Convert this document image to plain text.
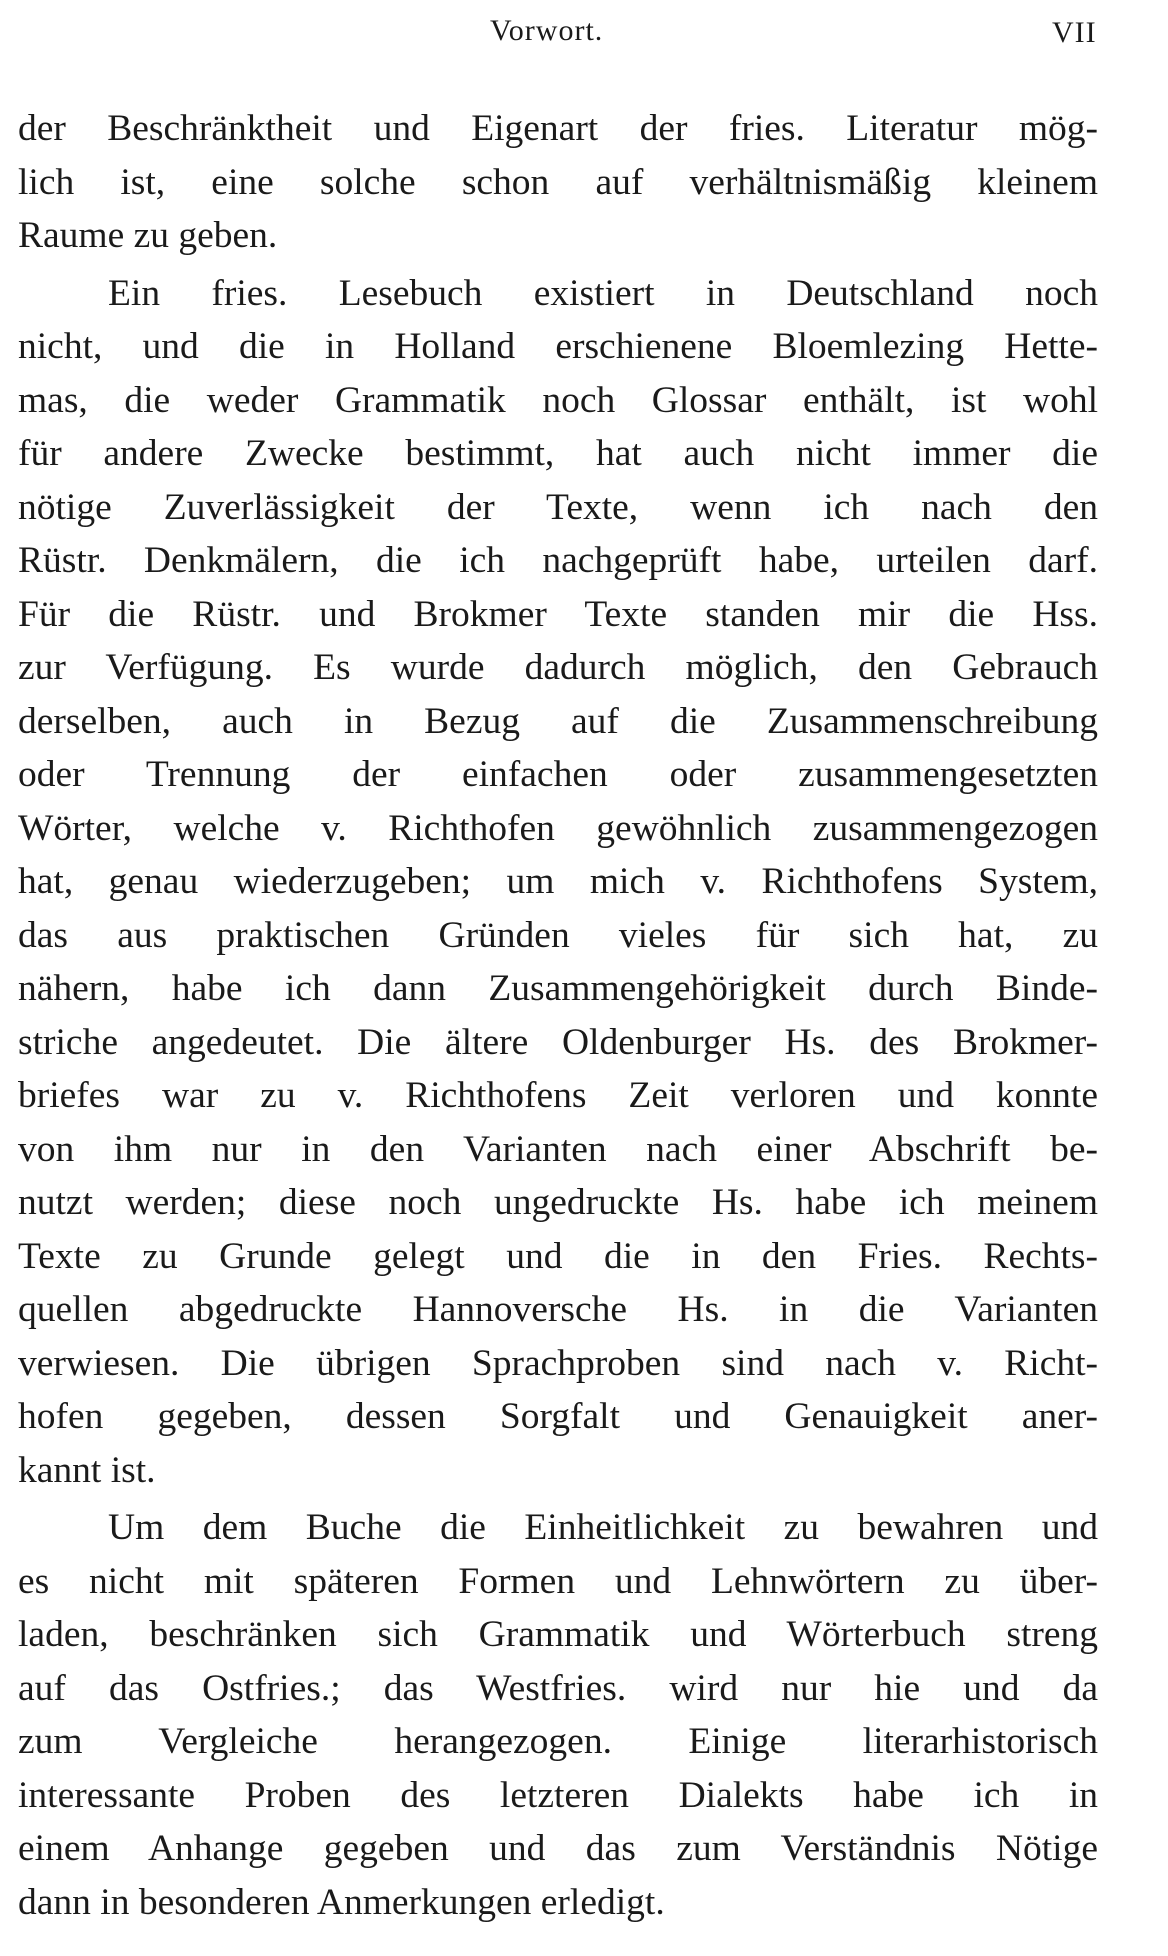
Vorwort.	VII
der Beschränktheit und Eigenart der fries. Literatur mög-
lich ist, eine solche schon auf verhältnismäßig kleinem
Raume zu geben.
Ein fries. Lesebuch existiert in Deutschland noch
nicht, und die in Holland erschienene Bloemlezing Hette-
mas, die weder Grammatik noch Glossar enthält, ist wohl
für andere Zwecke bestimmt, hat auch nicht immer die
nötige Zuverlässigkeit der Texte, wenn ich nach den
Rüstr. Denkmälern, die ich nachgeprüft habe, urteilen darf.
Für die Rüstr. und Brokmer Texte standen mir die Hss.
zur Verfügung. Es wurde dadurch möglich, den Gebrauch
derselben, auch in Bezug auf die Zusammenschreibung
oder Trennung der einfachen oder zusammengesetzten
Wörter, welche v. Richthofen gewöhnlich zusammengezogen
hat, genau wiederzugeben; um mich v. Richthofens System,
das aus praktischen Gründen vieles für sich hat, zu
nähern, habe ich dann Zusammengehörigkeit durch Binde-
striche angedeutet. Die ältere Oldenburger Hs. des Brokmer-
briefes war zu v. Richthofens Zeit verloren und konnte
von ihm nur in den Varianten nach einer Abschrift be-
nutzt werden; diese noch ungedruckte Hs. habe ich meinem
Texte zu Grunde gelegt und die in den Fries. Rechts-
quellen abgedruckte Hannoversche Hs. in die Varianten
verwiesen. Die übrigen Sprachproben sind nach v. Richt-
hofen gegeben, dessen Sorgfalt und Genauigkeit aner-
kannt ist.
Um dem Buche die Einheitlichkeit zu bewahren und
es nicht mit späteren Formen und Lehnwörtern zu über-
laden, beschränken sich Grammatik und Wörterbuch streng
auf das Ostfries.; das Westfries. wird nur hie und da
zum Vergleiche herangezogen. Einige literarhistorisch
interessante Proben des letzteren Dialekts habe ich in
einem Anhange gegeben und das zum Verständnis Nötige
dann in besonderen Anmerkungen erledigt.
